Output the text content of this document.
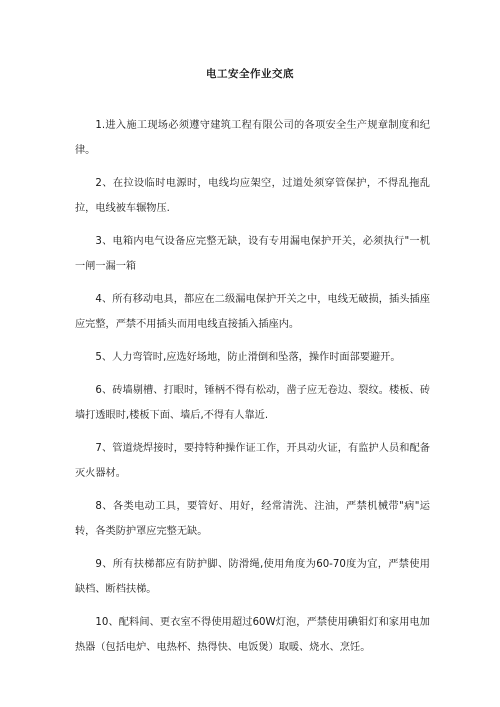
电工安全作业交底

1.进入施工现场必须遵守建筑工程有限公司的各项安全生产规章制度和纪律。

2、在拉设临时电源时，电线均应架空，过道处须穿管保护，不得乱拖乱拉，电线被车辗物压.

3、电箱内电气设备应完整无缺，设有专用漏电保护开关，必须执行"一机一闸一漏一箱

4、所有移动电具，都应在二级漏电保护开关之中，电线无破损，插头插座应完整，严禁不用插头而用电线直接插入插座内。

5、人力弯管时,应选好场地，防止滑倒和坠落，操作时面部要避开。

6、砖墙剔槽、打眼时，锤柄不得有松动，凿子应无卷边、裂纹。楼板、砖墙打透眼时,楼板下面、墙后,不得有人靠近.

7、管道烧焊接时，要持特种操作证工作，开具动火证，有监护人员和配备灭火器材。

8、各类电动工具，要管好、用好，经常清洗、注油，严禁机械带"病"运转，各类防护罩应完整无缺。

9、所有扶梯都应有防护脚、防滑绳,使用角度为60-70度为宜，严禁使用缺档、断档扶梯。

10、配料间、更衣室不得使用超过60W灯泡，严禁使用碘钼灯和家用电加热器（包括电炉、电热杯、热得快、电饭煲）取暖、烧水、烹饪。
